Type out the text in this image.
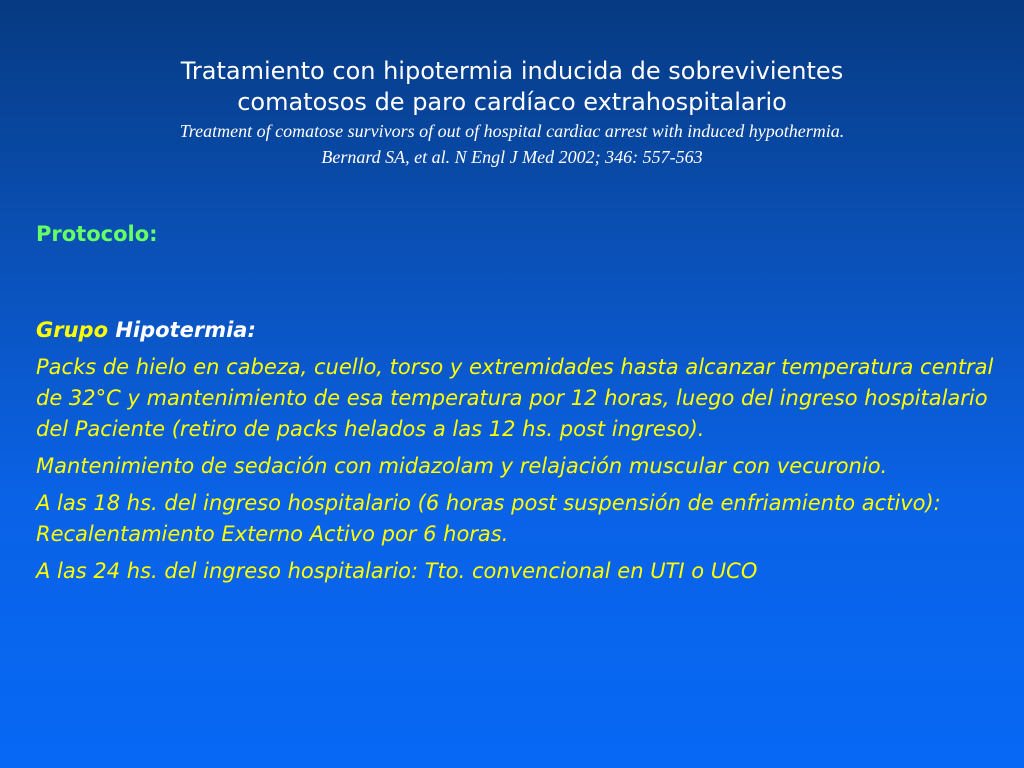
Tratamiento con hipotermia inducida de sobrevivientes
comatosos de paro cardíaco extrahospitalario
Treatment of comatose survivors of out of hospital cardiac arrest with induced hypothermia.
Bernard SA, et al. N Engl J Med 2002; 346: 557-563

Protocolo:

Grupo Hipotermia:

Packs de hielo en cabeza, cuello, torso y extremidades hasta alcanzar temperatura central de 32°C y mantenimiento de esa temperatura por 12 horas, luego del ingreso hospitalario del Paciente (retiro de packs helados a las 12 hs. post ingreso).

Mantenimiento de sedación con midazolam y relajación muscular con vecuronio.

A las 18 hs. del ingreso hospitalario (6 horas post suspensión de enfriamiento activo): Recalentamiento Externo Activo por 6 horas.

A las 24 hs. del ingreso hospitalario: Tto. convencional en UTI o UCO
